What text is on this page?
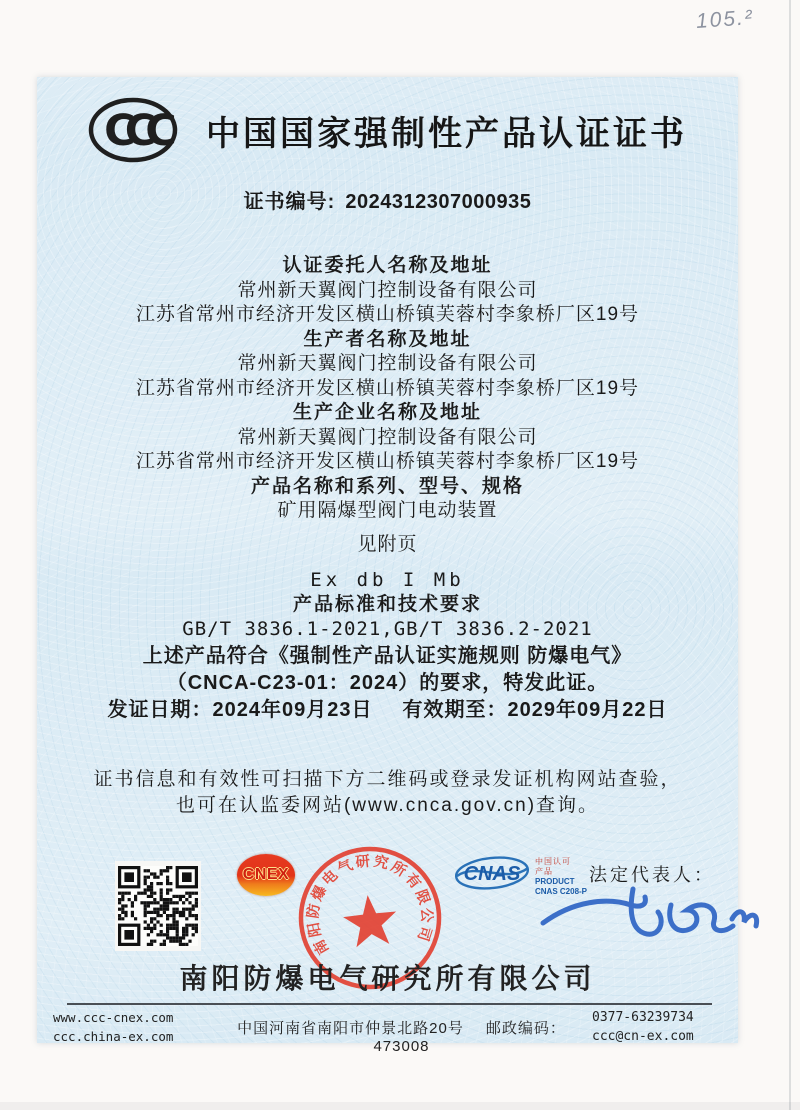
105.²
CCC 中国国家强制性产品认证证书
证书编号: 2024312307000935
认证委托人名称及地址
常州新天翼阀门控制设备有限公司
江苏省常州市经济开发区横山桥镇芙蓉村李象桥厂区19号
生产者名称及地址
常州新天翼阀门控制设备有限公司
江苏省常州市经济开发区横山桥镇芙蓉村李象桥厂区19号
生产企业名称及地址
常州新天翼阀门控制设备有限公司
江苏省常州市经济开发区横山桥镇芙蓉村李象桥厂区19号
产品名称和系列、型号、规格
矿用隔爆型阀门电动装置
见附页
Ex db I Mb
产品标准和技术要求
GB/T 3836.1-2021,GB/T 3836.2-2021
上述产品符合《强制性产品认证实施规则 防爆电气》
（CNCA-C23-01：2024）的要求，特发此证。
发证日期：2024年09月23日 有效期至：2029年09月22日
证书信息和有效性可扫描下方二维码或登录发证机构网站查验，
也可在认监委网站(www.cnca.gov.cn)查询。
CNEX
南阳防爆电气研究所有限公司
CNAS
中国认可
产品
PRODUCT
CNAS C208-P
法定代表人：
南阳防爆电气研究所有限公司
www.ccc-cnex.com
ccc.china-ex.com	中国河南省南阳市仲景北路20号 邮政编码：473008
0377-63239734
ccc@cn-ex.com
